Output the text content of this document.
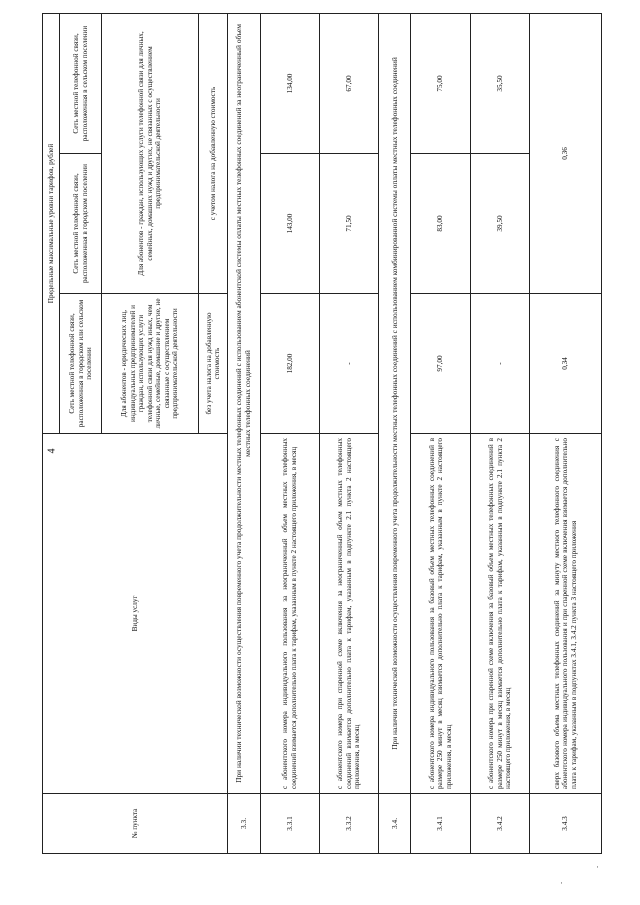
4
№ пункта	Виды услуг	Предельные максимальные уровни тарифов, рублей		
		Сеть местной телефонной связи, расположенная в городском или сельском поселении	Сеть местной телефонной связи, расположенная в городском поселении	Сеть местной телефонной связи, расположенная в сельском поселении
		Для абонентов - юридических лиц, индивидуальных предпринимателей и граждан, использующих услуги телефонной связи для нужд иных, чем личные, семейные, домашние и другие, не связанные с осуществлением предпринимательской деятельности	Для абонентов - граждан, использующих услуги телефонной связи для личных, семейных, домашних нужд и других, не связанных с осуществлением предпринимательской деятельности	
		без учета налога на добавленную стоимость	с учетом налога на добавленную стоимость	
3.3.	При наличии технической возможности осуществления повременного учета продолжительности местных телефонных соединений с использованием абонентской системы оплаты местных телефонных соединений за неограниченный объем местных телефонных соединений			
3.3.1	с абонентского номера индивидуального пользования за неограниченный объем местных телефонных соединений взимается дополнительно плата к тарифам, указанным в пункте 2 настоящего приложения, в месяц	182,00	143,00	134,00
3.3.2	с абонентского номера при спаренной схеме включения за неограниченный объем местных телефонных соединений взимается дополнительно плата к тарифам, указанным в подпункте 2.1 пункта 2 настоящего приложения, в месяц	-	71,50	67,00
3.4.	При наличии технической возможности осуществления повременного учета продолжительности местных телефонных соединений с использованием комбинированной системы оплаты местных телефонных соединений			
3.4.1	с абонентского номера индивидуального пользования за базовый объем местных телефонных соединений в размере 250 минут в месяц взимается дополнительно плата к тарифам, указанным в пункте 2 настоящего приложения, в месяц	97,00	83,00	75,00
3.4.2	с абонентского номера при спаренной схеме включения за базовый объем местных телефонных соединений в размере 250 минут в месяц взимается дополнительно плата к тарифам, указанным в подпункте 2.1 пункта 2 настоящего приложения, в месяц	-	39,50	35,50
3.4.3	сверх базового объема местных телефонных соединений за минуту местного телефонного соединения с абонентского номера индивидуального пользования и при спаренной схеме включения взимается дополнительно плата к тарифам, указанным в подпунктах 3.4.1, 3.4.2 пункта 3 настоящего приложения	0,34	0,36	
·
·
